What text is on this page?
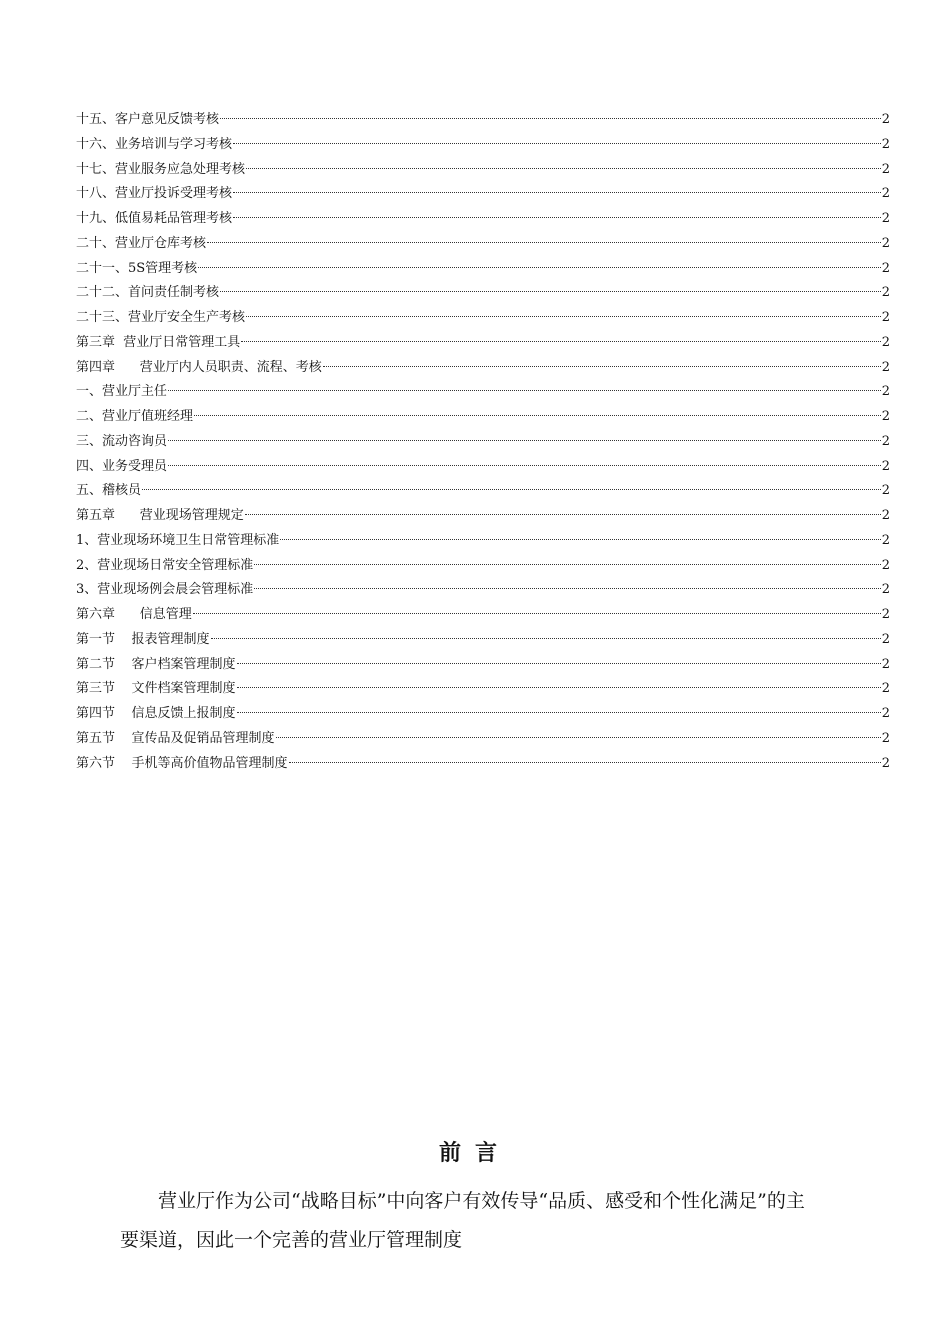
十五、客户意见反馈考核	2
十六、业务培训与学习考核	2
十七、营业服务应急处理考核	2
十八、营业厅投诉受理考核	2
十九、低值易耗品管理考核	2
二十、营业厅仓库考核	2
二十一、5S管理考核	2
二十二、首问责任制考核	2
二十三、营业厅安全生产考核	2
第三章  营业厅日常管理工具	2
第四章      营业厅内人员职责、流程、考核	2
一、营业厅主任	2
二、营业厅值班经理	2
三、流动咨询员	2
四、业务受理员	2
五、稽核员	2
第五章      营业现场管理规定	2
1、营业现场环境卫生日常管理标准	2
2、营业现场日常安全管理标准	2
3、营业现场例会晨会管理标准	2
第六章      信息管理	2
第一节    报表管理制度	2
第二节    客户档案管理制度	2
第三节    文件档案管理制度	2
第四节    信息反馈上报制度	2
第五节    宣传品及促销品管理制度	2
第六节    手机等高价值物品管理制度	2
前言

营业厅作为公司“战略目标”中向客户有效传导“品质、感受和个性化满足”的主要渠道，因此一个完善的营业厅管理制度
